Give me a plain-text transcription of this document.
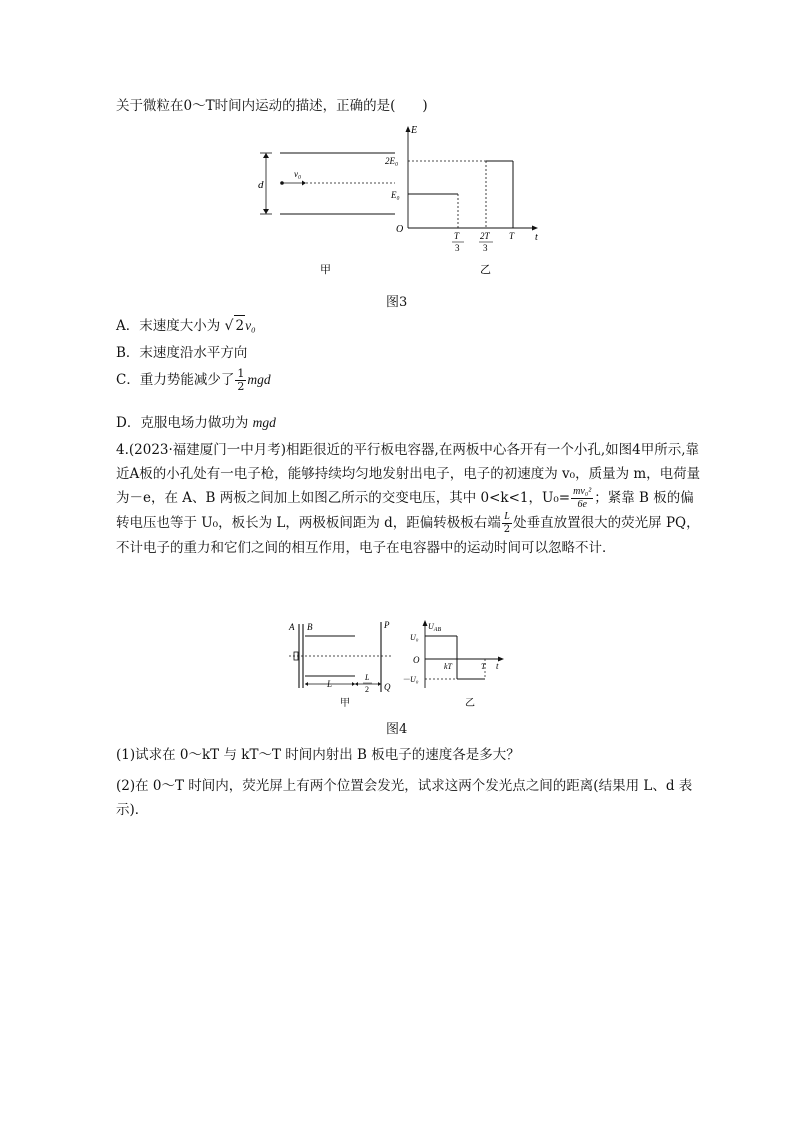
关于微粒在0～T时间内运动的描述，正确的是(　　)
d
v₀
甲
E
t
O
2E₀
E₀
T
3
2T
3
T
乙
图3
A．末速度大小为 √ 2v₀
B．末速度沿水平方向
C．重力势能减少了 $\frac{1}{2}$ mgd
D．克服电场力做功为 mgd
4.(2023·福建厦门一中月考)相距很近的平行板电容器,在两板中心各开有一个小孔,如图4甲所示,靠近A板的小孔处有一电子枪，能够持续均匀地发射出电子，电子的初速度为 v₀，质量为 m，电荷量为－e，在 A、B 两板之间加上如图乙所示的交变电压，其中 0<k<1，$U_0= \frac{\text{mv₀²}}{6e}$ ；紧靠 B 板的偏转电压也等于 U₀，板长为 L，两极板间距为 d，距偏转极板右端 $\frac{L}{2}$ 处垂直放置很大的荧光屏 PQ，不计电子的重力和它们之间的相互作用，电子在电容器中的运动时间可以忽略不计．
A B	P
Q
L
L
2
甲
$U_{AB}$
t
O
U₀
－U₀
kT	T
乙
图4
(1)试求在 0～kT 与 kT～T 时间内射出 B 板电子的速度各是多大？
(2)在 0～T 时间内，荧光屏上有两个位置会发光，试求这两个发光点之间的距离(结果用 L、d 表示)．
